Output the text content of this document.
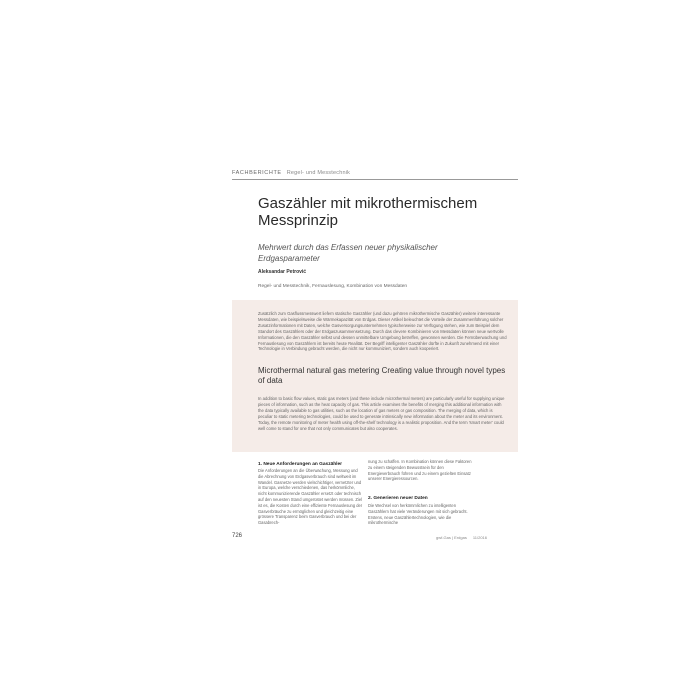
FACHBERICHTE Regel- und Messtechnik
Gaszähler mit mikrothermischem Messprinzip
Mehrwert durch das Erfassen neuer physikalischer Erdgasparameter
Aleksandar Petrović
Regel- und Messtechnik, Fernauslesung, Kombination von Messdaten
Zusätzlich zum Gasflussmesswert liefern statische Gaszähler (und dazu gehören mikrothermische Gaszähler) weitere interessante Messdaten, wie beispielsweise die Wärmekapazität von Erdgas. Dieser Artikel beleuchtet die Vorteile der Zusammenführung solcher Zusatzinformationen mit Daten, welche Gasversorgungsunternehmen typischerweise zur Verfügung stehen, wie zum Beispiel dem Standort des Gaszählers oder der Erdgaszusammensetzung. Durch das clevere Kombinieren von Messdaten können neue wertvolle Informationen, die den Gaszähler selbst und dessen unmittelbare Umgebung betreffen, gewonnen werden. Die Fernüberwachung und Fernauslesung von Gaszählern ist bereits heute Realität. Der Begriff intelligenter Gaszähler dürfte in Zukunft zunehmend mit einer Technologie in Verbindung gebracht werden, die nicht nur kommuniziert, sondern auch kooperiert.
Microthermal natural gas metering Creating value through novel types of data
In addition to basic flow values, static gas meters (and these include microthermal meters) are particularly useful for supplying unique pieces of information, such as the heat capacity of gas. This article examines the benefits of merging this additional information with the data typically available to gas utilities, such as the location of gas meters or gas composition. The merging of data, which is peculiar to static metering technologies, could be used to generate intrinsically new information about the meter and its environment. Today, the remote monitoring of meter health using off-the-shelf technology is a realistic proposition. And the term 'smart meter' could well come to stand for one that not only communicates but also cooperates.
1. Neue Anforderungen an Gaszähler
Die Anforderungen an die Überwachung, Messung und die Abrechnung von Erdgasverbrauch sind weltweit im Wandel. Gasnetze werden vielschichtiger, vernetzter und in Europa, welche verschiedenen, das herkömmliche, nicht kommunizierende Gaszähler ersetzt oder technisch auf den neuesten Stand umgerüstet werden müssen. Ziel ist es, die Kosten durch eine effiziente Fernauslesung der Gasverbräuche zu ermöglichen und gleichzeitig eine grössere Transparenz beim Gasverbrauch und bei der Gasabrech-
nung zu schaffen. In Kombination können diese Faktoren zu einem steigenden Bewusstsein für den Energieverbrauch führen und zu einem gezielten Einsatz unserer Energieressourcen.
2. Generieren neuer Daten
Die Wechsel von herkömmlichen zu intelligenten Gaszählern hat viele Veränderungen mit sich gebracht. Erstens, neue Gaszählertechnologien, wie die mikrothermische
726	gwf-Gas | Erdgas 11/2016
